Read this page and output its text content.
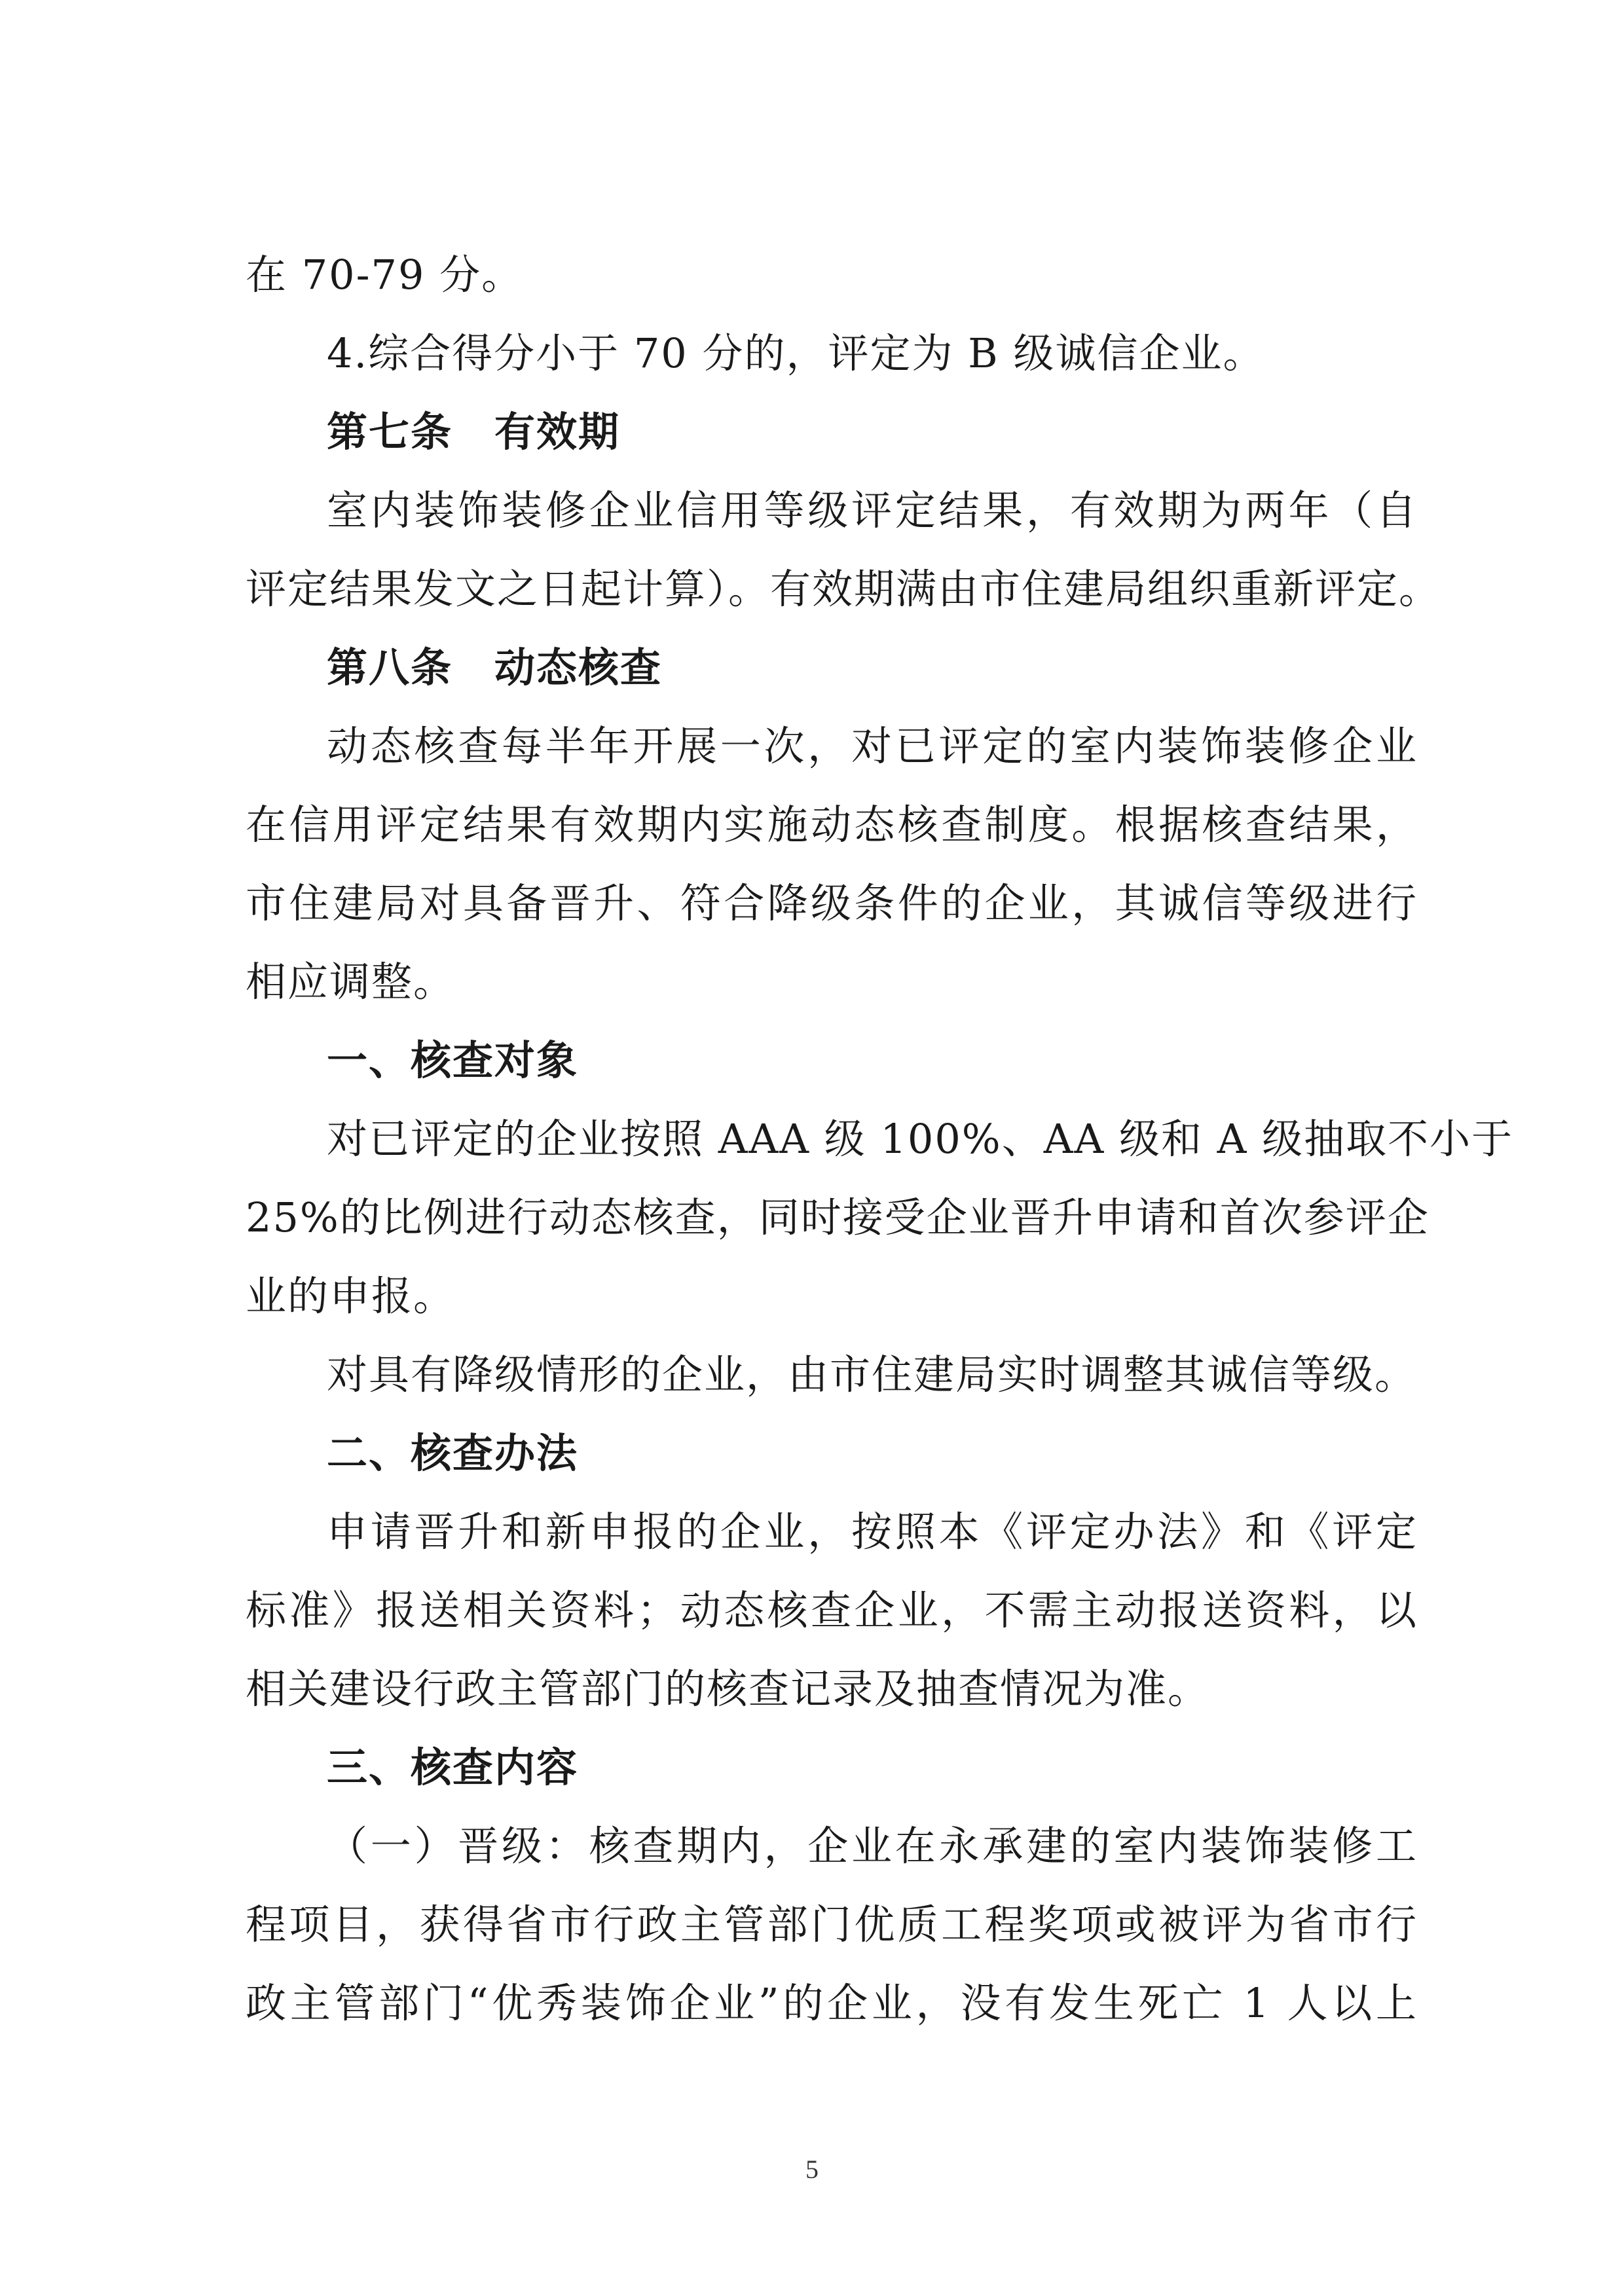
在 70-79 分。
4.综合得分小于 70 分的，评定为 B 级诚信企业。
第七条　有效期
室内装饰装修企业信用等级评定结果，有效期为两年（自
评定结果发文之日起计算）。有效期满由市住建局组织重新评定。
第八条　动态核查
动态核查每半年开展一次，对已评定的室内装饰装修企业
在信用评定结果有效期内实施动态核查制度。根据核查结果，
市住建局对具备晋升、符合降级条件的企业，其诚信等级进行
相应调整。
一、核查对象
对已评定的企业按照 AAA 级 100%、AA 级和 A 级抽取不小于
25%的比例进行动态核查，同时接受企业晋升申请和首次参评企
业的申报。
对具有降级情形的企业，由市住建局实时调整其诚信等级。
二、核查办法
申请晋升和新申报的企业，按照本《评定办法》和《评定
标准》报送相关资料；动态核查企业，不需主动报送资料，以
相关建设行政主管部门的核查记录及抽查情况为准。
三、核查内容
（一）晋级：核查期内，企业在永承建的室内装饰装修工
程项目，获得省市行政主管部门优质工程奖项或被评为省市行
政主管部门“优秀装饰企业”的企业，没有发生死亡 1 人以上
5
